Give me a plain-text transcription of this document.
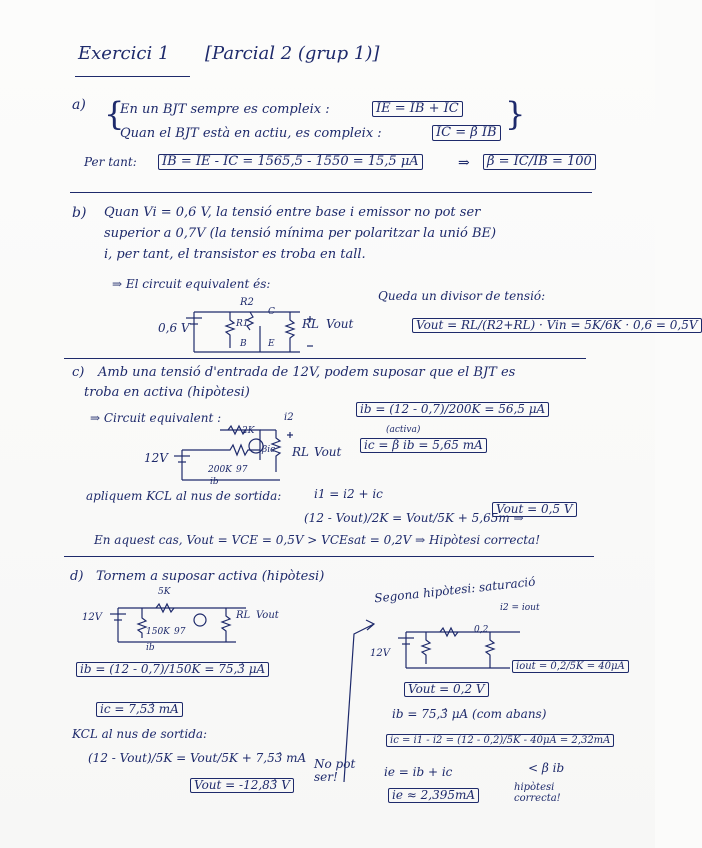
Exercici 1 [Parcial 2 (grup 1)]
a) {
En un BJT sempre es compleix :	IE = IB + IC
Quan el BJT està en actiu, es compleix :	IC = β IB }
Per tant:	IB = IE - IC = 1565,5 - 1550 = 15,5 μA	⇒	β = IC/IB = 100
b) Quan Vi = 0,6 V, la tensió entre base i emissor no pot ser
superior a 0,7V (la tensió mínima per polaritzar la unió BE)
i, per tant, el transistor es troba en tall.
⇒ El circuit equivalent és:
Queda un divisor de tensió:
Vout = RL/(R2+RL) · Vin = 5K/6K · 0,6 = 0,5V
R2
R1	RL Vout
0,6 V
C
B E
c) Amb una tensió d'entrada de 12V, podem suposar que el BJT es
troba en activa (hipòtesi)
⇒ Circuit equivalent :
ib = (12 - 0,7)/200K = 56,5 μA
(activa)
ic = β ib = 5,65 mA
12V
2K
200K 97
ib
i2
βic RL Vout
apliquem KCL al nus de sortida:	i1 = i2 + ic
(12 - Vout)/2K = Vout/5K + 5,65m ⇒
Vout = 0,5 V
En aquest cas, Vout = VCE = 0,5V > VCEsat = 0,2V ⇒ Hipòtesi correcta!
d) Tornem a suposar activa (hipòtesi)	Segona hipòtesi: saturació
i2 = iout
12V
5K
150K 97
ib
RL Vout
12V
0,2
ib = (12 - 0,7)/150K = 75,3̂ μA
ic = 7,53̂ mA
KCL al nus de sortida:
(12 - Vout)/5K = Vout/5K + 7,53̂ mA
Vout = -12,83̂ V
No pot ser!
Vout = 0,2 V
iout = 0,2/5K = 40μA
ib = 75,3̂ μA (com abans)
ic = i1 - i2 = (12 - 0,2)/5K - 40μA = 2,32mA
ie = ib + ic
ie ≈ 2,395mA
< β ib
hipòtesi correcta!
